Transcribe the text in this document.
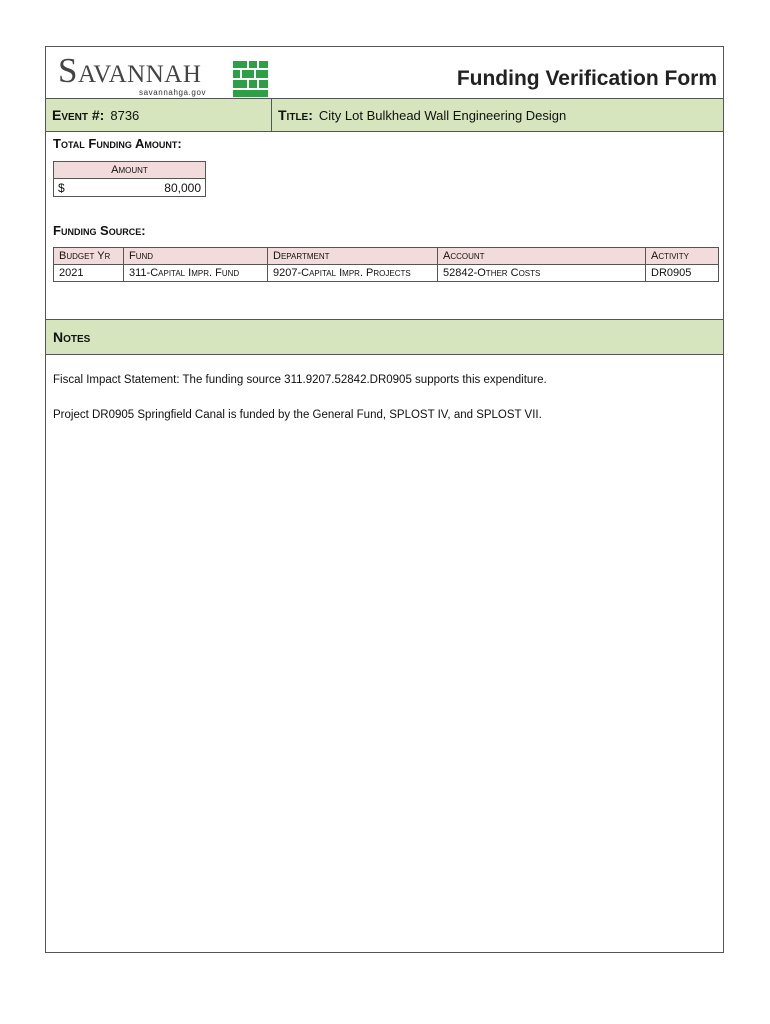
Savannah
savannahga.gov
Funding Verification Form
Event #: 8736	Title: City Lot Bulkhead Wall Engineering Design
Total Funding Amount:
Amount

$	80,000
Funding Source:
Budget Yr	Fund	Department	Account	Activity
2021	311-Capital Impr. Fund	9207-Capital Impr. Projects	52842-Other Costs	DR0905
Notes
Fiscal Impact Statement: The funding source 311.9207.52842.DR0905 supports this expenditure.
Project DR0905 Springfield Canal is funded by the General Fund, SPLOST IV, and SPLOST VII.
